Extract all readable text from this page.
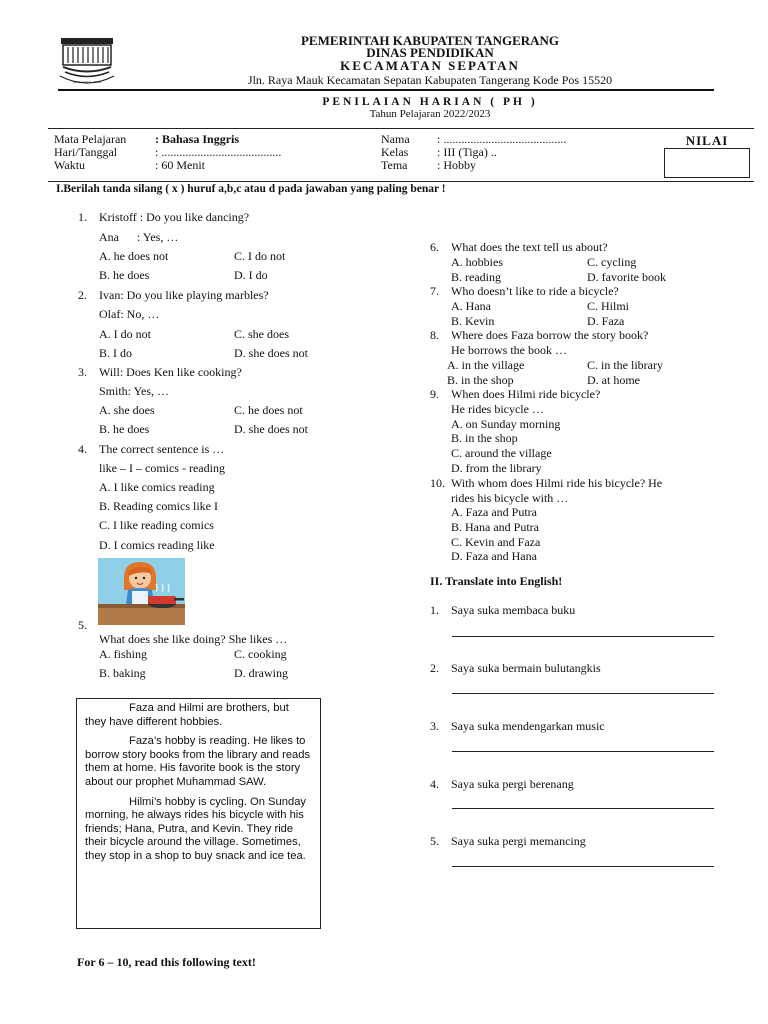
BUMI MAH AL ADAB
PEMERINTAH KABUPATEN TANGERANG
DINAS PENDIDIKAN
KECAMATAN SEPATAN
Jln. Raya Mauk Kecamatan Sepatan Kabupaten Tangerang Kode Pos 15520
PENILAIAN HARIAN ( PH )
Tahun Pelajaran 2022/2023
Mata Pelajaran : Bahasa Inggris
Hari/Tanggal	: ........................................
Waktu	: 60 Menit
Nama : .........................................
Kelas : III (Tiga) ..
Tema : Hobby
NILAI
I.Berilah tanda silang ( x ) huruf a,b,c atau d pada jawaban yang paling benar !
1. Kristoff : Do you like dancing?
Ana      : Yes, …
A. he does not	C. I do not
B. he does	D. I do
2. Ivan: Do you like playing marbles?
Olaf: No, …
A. I do not	C. she does
B. I do	D. she does not
3. Will: Does Ken like cooking?
Smith: Yes, …
A. she does	C. he does not
B. he does	D. she does not
4. The correct sentence is …
like – I – comics - reading
A. I like comics reading
B. Reading comics like I
C. I like reading comics
D. I comics reading like
5.
What does she like doing? She likes …
A. fishing	C. cooking
B. baking	D. drawing

Faza and Hilmi are brothers, but they have different hobbies.

Faza’s hobby is reading. He likes to borrow story books from the library and reads them at home. His favorite book is the story about our prophet Muhammad SAW.

Hilmi’s hobby is cycling. On Sunday morning, he always rides his bicycle with his friends; Hana, Putra, and Kevin. They ride their bicycle around the village. Sometimes, they stop in a shop to buy snack and ice tea.

For 6 – 10, read this following text!
6. What does the text tell us about?
A. hobbies	C. cycling
B. reading	D. favorite book
7. Who doesn’t like to ride a bicycle?
A. Hana	C. Hilmi
B. Kevin	D. Faza
8. Where does Faza borrow the story book?
He borrows the book …
A. in the village	C. in the library
B. in the shop	D. at home
9. When does Hilmi ride bicycle?
He rides bicycle …
A. on Sunday morning
B. in the shop
C. around the village
D. from the library
10. With whom does Hilmi ride his bicycle? He
rides his bicycle with …
A. Faza and Putra
B. Hana and Putra
C. Kevin and Faza
D. Faza and Hana
II. Translate into English!
1. Saya suka membaca buku
2. Saya suka bermain bulutangkis
3. Saya suka mendengarkan music
4. Saya suka pergi berenang
5. Saya suka pergi memancing
